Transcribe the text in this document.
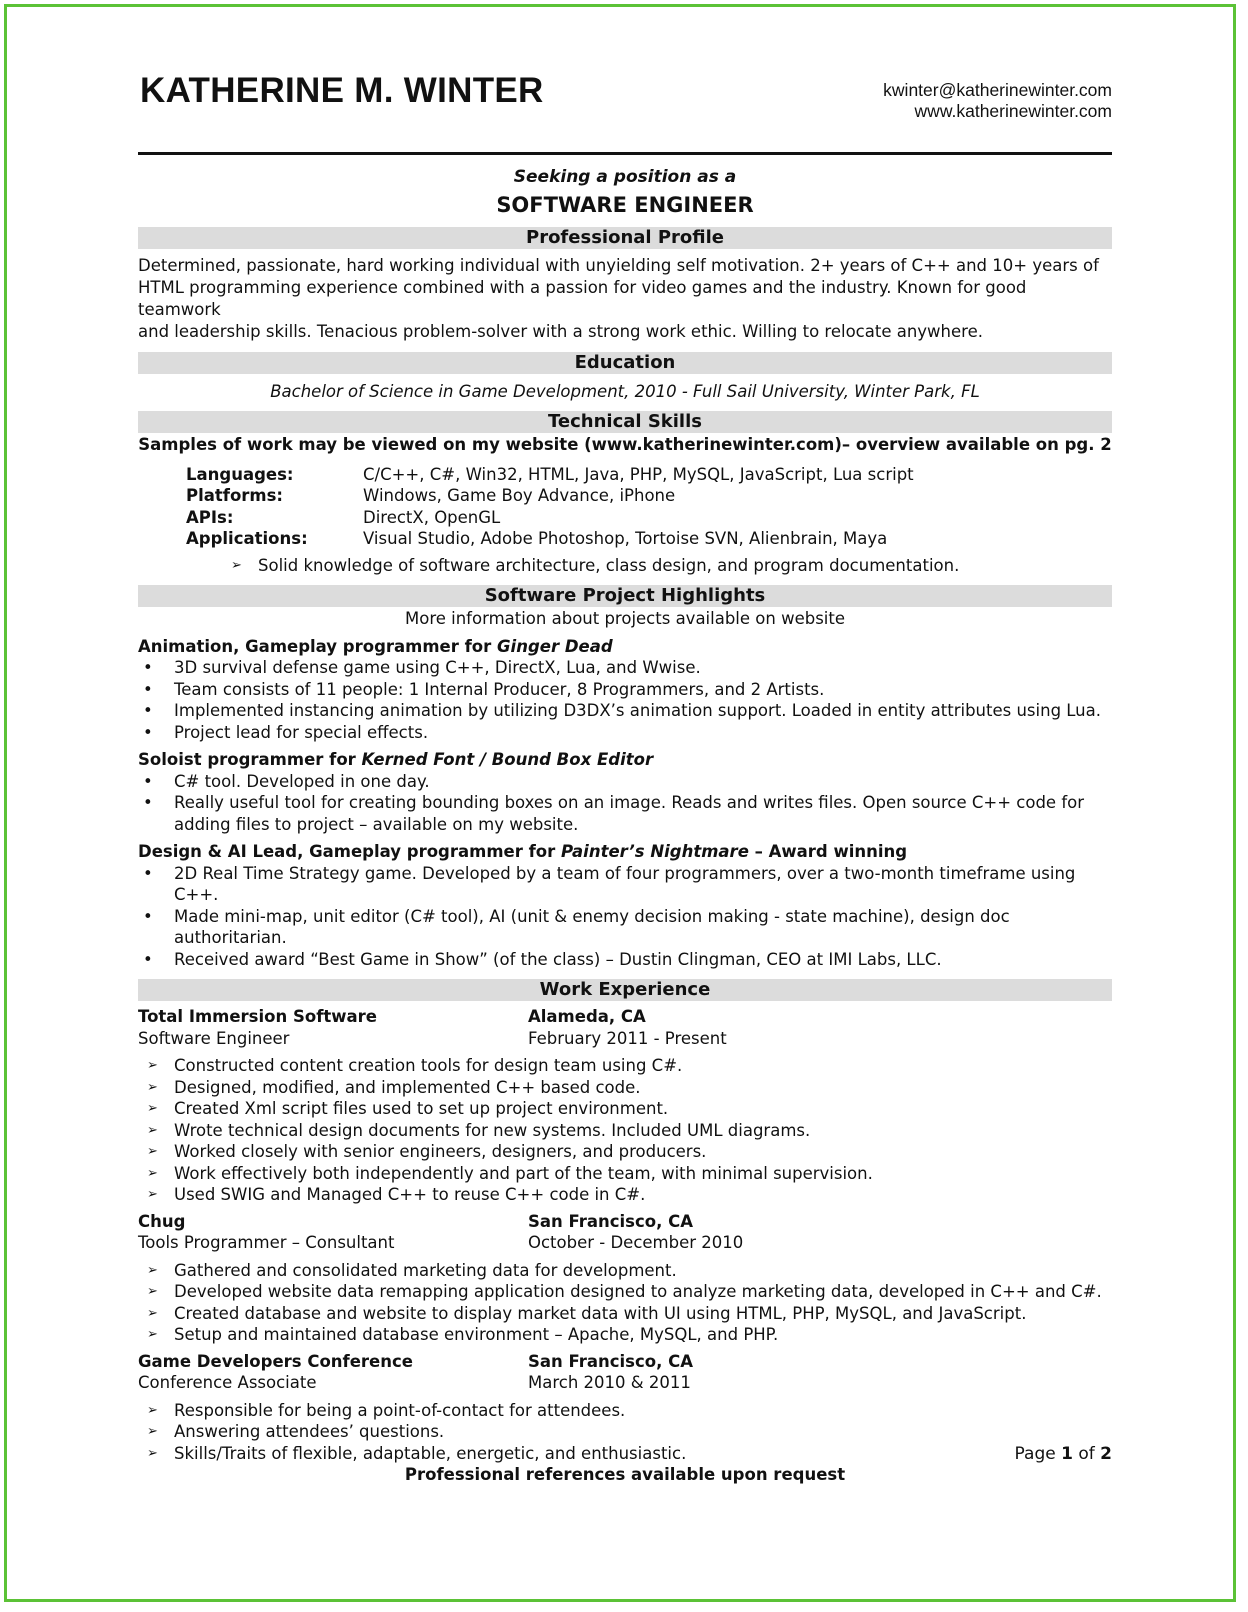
KATHERINE M. WINTER	kwinter@katherinewinter.com
www.katherinewinter.com
Seeking a position as a
SOFTWARE ENGINEER
Professional Profile
Determined, passionate, hard working individual with unyielding self motivation. 2+ years of C++ and 10+ years of
HTML programming experience combined with a passion for video games and the industry. Known for good teamwork
and leadership skills. Tenacious problem-solver with a strong work ethic. Willing to relocate anywhere.
Education
Bachelor of Science in Game Development, 2010 - Full Sail University, Winter Park, FL
Technical Skills
Samples of work may be viewed on my website (www.katherinewinter.com)– overview available on pg. 2
Languages:	C/C++, C#, Win32, HTML, Java, PHP, MySQL, JavaScript, Lua script
Platforms:	Windows, Game Boy Advance, iPhone
APIs:	DirectX, OpenGL
Applications:	Visual Studio, Adobe Photoshop, Tortoise SVN, Alienbrain, Maya
➢ Solid knowledge of software architecture, class design, and program documentation.
Software Project Highlights
More information about projects available on website
Animation, Gameplay programmer for Ginger Dead
• 3D survival defense game using C++, DirectX, Lua, and Wwise.
• Team consists of 11 people: 1 Internal Producer, 8 Programmers, and 2 Artists.
• Implemented instancing animation by utilizing D3DX’s animation support. Loaded in entity attributes using Lua.
• Project lead for special effects.
Soloist programmer for Kerned Font / Bound Box Editor
• C# tool. Developed in one day.
• Really useful tool for creating bounding boxes on an image. Reads and writes files. Open source C++ code for adding files to project – available on my website.
Design & AI Lead, Gameplay programmer for Painter’s Nightmare – Award winning
• 2D Real Time Strategy game. Developed by a team of four programmers, over a two-month timeframe using C++.
• Made mini-map, unit editor (C# tool), AI (unit & enemy decision making - state machine), design doc authoritarian.
• Received award “Best Game in Show” (of the class) – Dustin Clingman, CEO at IMI Labs, LLC.
Work Experience
Total Immersion Software	Alameda, CA
Software Engineer	February 2011 - Present
➢ Constructed content creation tools for design team using C#.
➢ Designed, modified, and implemented C++ based code.
➢ Created Xml script files used to set up project environment.
➢ Wrote technical design documents for new systems. Included UML diagrams.
➢ Worked closely with senior engineers, designers, and producers.
➢ Work effectively both independently and part of the team, with minimal supervision.
➢ Used SWIG and Managed C++ to reuse C++ code in C#.
Chug	San Francisco, CA
Tools Programmer – Consultant	October - December 2010
➢ Gathered and consolidated marketing data for development.
➢ Developed website data remapping application designed to analyze marketing data, developed in C++ and C#.
➢ Created database and website to display market data with UI using HTML, PHP, MySQL, and JavaScript.
➢ Setup and maintained database environment – Apache, MySQL, and PHP.
Game Developers Conference	San Francisco, CA
Conference Associate	March 2010 & 2011
➢ Responsible for being a point-of-contact for attendees.
➢ Answering attendees’ questions.
➢ Skills/Traits of flexible, adaptable, energetic, and enthusiastic.
Professional references available upon request
Page 1 of 2
